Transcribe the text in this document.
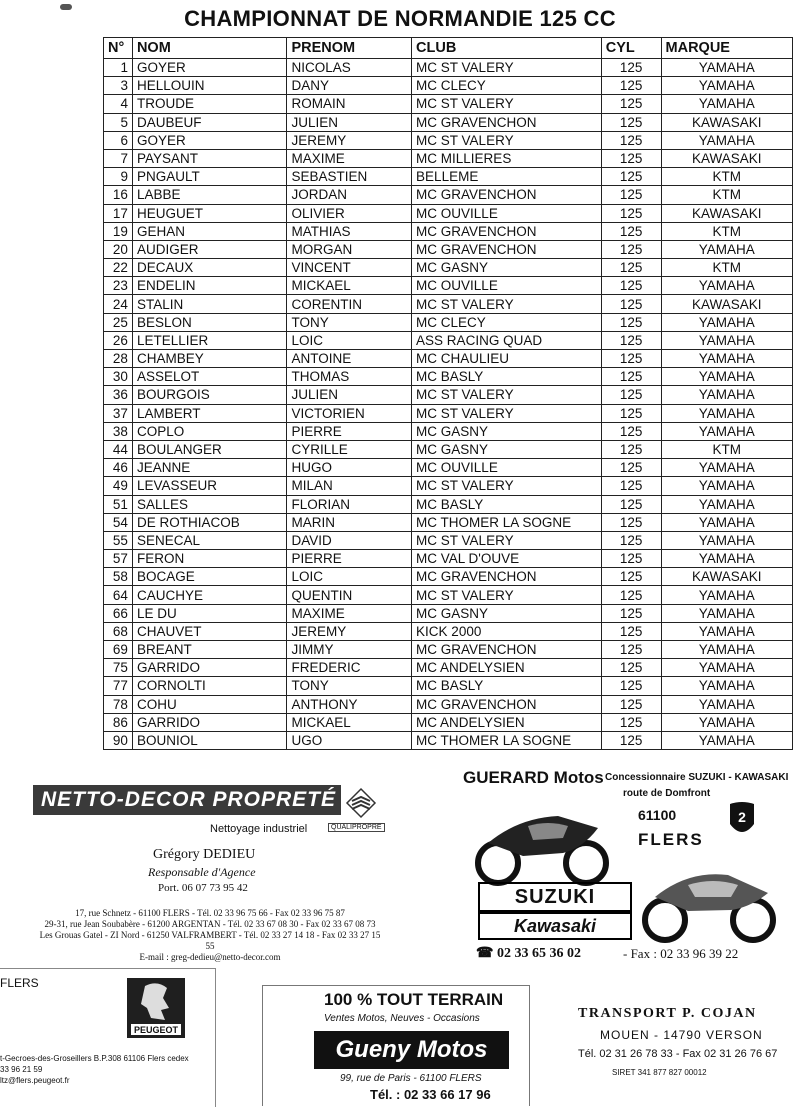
CHAMPIONNAT DE NORMANDIE 125 CC
N°	NOM	PRENOM	CLUB	CYL	MARQUE
1	GOYER	NICOLAS	MC ST VALERY	125	YAMAHA
3	HELLOUIN	DANY	MC CLECY	125	YAMAHA
4	TROUDE	ROMAIN	MC ST VALERY	125	YAMAHA
5	DAUBEUF	JULIEN	MC GRAVENCHON	125	KAWASAKI
6	GOYER	JEREMY	MC ST VALERY	125	YAMAHA
7	PAYSANT	MAXIME	MC MILLIERES	125	KAWASAKI
9	PNGAULT	SEBASTIEN	BELLEME	125	KTM
16	LABBE	JORDAN	MC GRAVENCHON	125	KTM
17	HEUGUET	OLIVIER	MC OUVILLE	125	KAWASAKI
19	GEHAN	MATHIAS	MC GRAVENCHON	125	KTM
20	AUDIGER	MORGAN	MC GRAVENCHON	125	YAMAHA
22	DECAUX	VINCENT	MC GASNY	125	KTM
23	ENDELIN	MICKAEL	MC OUVILLE	125	YAMAHA
24	STALIN	CORENTIN	MC ST VALERY	125	KAWASAKI
25	BESLON	TONY	MC CLECY	125	YAMAHA
26	LETELLIER	LOIC	ASS RACING QUAD	125	YAMAHA
28	CHAMBEY	ANTOINE	MC CHAULIEU	125	YAMAHA
30	ASSELOT	THOMAS	MC BASLY	125	YAMAHA
36	BOURGOIS	JULIEN	MC ST VALERY	125	YAMAHA
37	LAMBERT	VICTORIEN	MC ST VALERY	125	YAMAHA
38	COPLO	PIERRE	MC GASNY	125	YAMAHA
44	BOULANGER	CYRILLE	MC GASNY	125	KTM
46	JEANNE	HUGO	MC OUVILLE	125	YAMAHA
49	LEVASSEUR	MILAN	MC ST VALERY	125	YAMAHA
51	SALLES	FLORIAN	MC BASLY	125	YAMAHA
54	DE ROTHIACOB	MARIN	MC THOMER LA SOGNE	125	YAMAHA
55	SENECAL	DAVID	MC ST VALERY	125	YAMAHA
57	FERON	PIERRE	MC VAL D'OUVE	125	YAMAHA
58	BOCAGE	LOIC	MC GRAVENCHON	125	KAWASAKI
64	CAUCHYE	QUENTIN	MC ST VALERY	125	YAMAHA
66	LE DU	MAXIME	MC GASNY	125	YAMAHA
68	CHAUVET	JEREMY	KICK 2000	125	YAMAHA
69	BREANT	JIMMY	MC GRAVENCHON	125	YAMAHA
75	GARRIDO	FREDERIC	MC ANDELYSIEN	125	YAMAHA
77	CORNOLTI	TONY	MC BASLY	125	YAMAHA
78	COHU	ANTHONY	MC GRAVENCHON	125	YAMAHA
86	GARRIDO	MICKAEL	MC ANDELYSIEN	125	YAMAHA
90	BOUNIOL	UGO	MC THOMER LA SOGNE	125	YAMAHA
NETTO-DECOR PROPRETÉ
Nettoyage industriel	QUALIPROPRE
Grégory DEDIEU
Responsable d'Agence
Port. 06 07 73 95 42
17, rue Schnetz - 61100 FLERS - Tél. 02 33 96 75 66 - Fax 02 33 96 75 87
29-31, rue Jean Soubabère - 61200 ARGENTAN - Tél. 02 33 67 08 30 - Fax 02 33 67 08 73
Les Grouas Gatel - ZI Nord - 61250 VALFRAMBERT - Tél. 02 33 27 14 18 - Fax 02 33 27 15 55
E-mail : greg-dedieu@netto-decor.com
GUERARD Motos Concessionnaire SUZUKI - KAWASAKI
route de Domfront
61100
FLERS
2
SUZUKI
Kawasaki
☎ 02 33 65 36 02	- Fax : 02 33 96 39 22
FLERS
PEUGEOT
t-Gecroes-des-Groseillers B.P.308 61106 Flers cedex
33 96 21 59
ltz@flers.peugeot.fr
100 % TOUT TERRAIN
Ventes Motos, Neuves - Occasions
Gueny Motos
99, rue de Paris - 61100 FLERS
Tél. : 02 33 66 17 96
TRANSPORT P. COJAN
MOUEN - 14790 VERSON
Tél. 02 31 26 78 33 - Fax 02 31 26 76 67
SIRET 341 877 827 00012
